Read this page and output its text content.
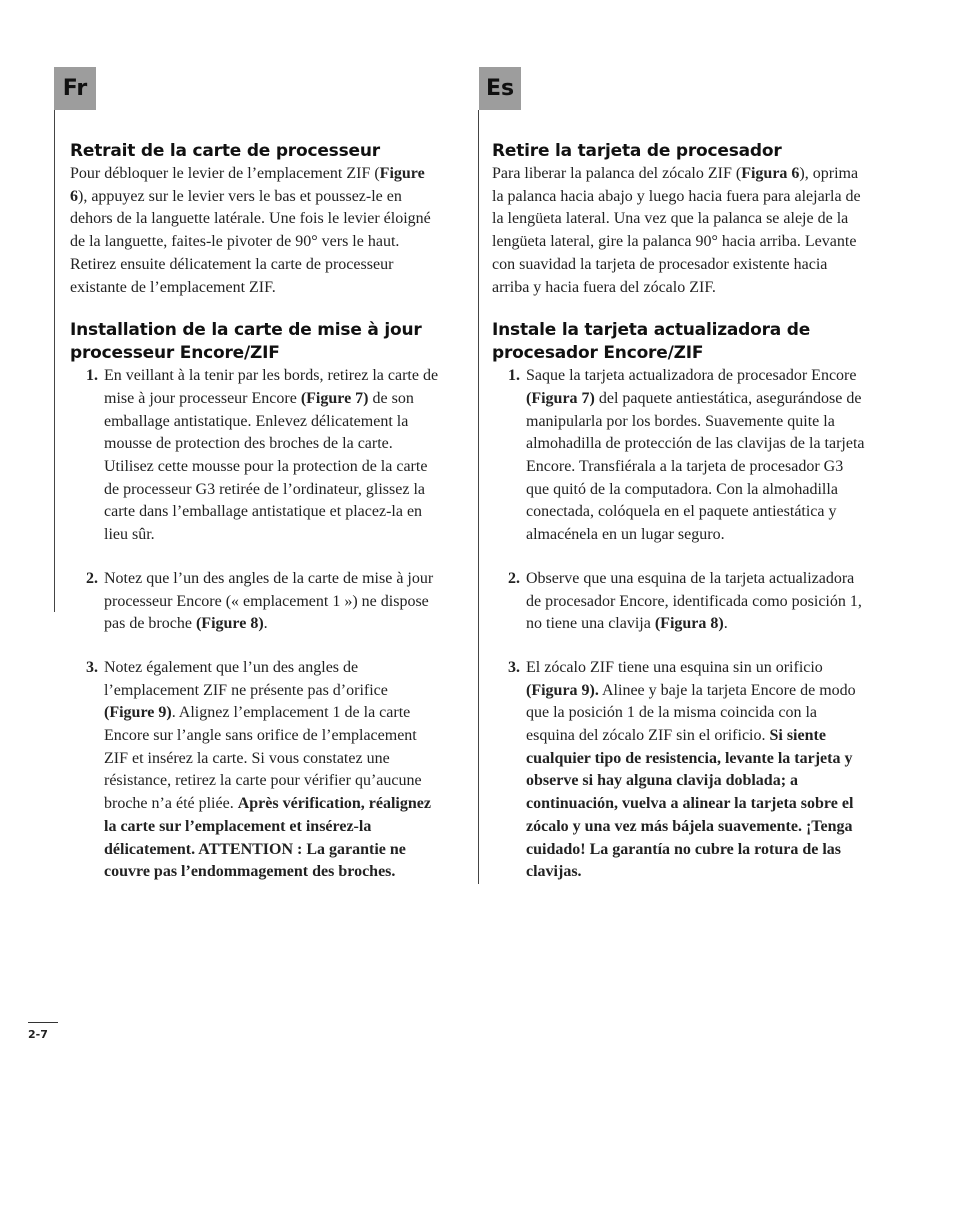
Fr	Es
Retrait de la carte de processeur

Pour débloquer le levier de l’emplacement ZIF (Figure 6), appuyez sur le levier vers le bas et poussez-le en dehors de la languette latérale. Une fois le levier éloigné de la languette, faites-le pivoter de 90° vers le haut. Retirez ensuite délicatement la carte de processeur existante de l’emplacement ZIF.

Installation de la carte de mise à jour processeur Encore/ZIF
1. En veillant à la tenir par les bords, retirez la carte de mise à jour processeur Encore (Figure 7) de son emballage antistatique. Enlevez délicatement la mousse de protection des broches de la carte. Utilisez cette mousse pour la protection de la carte de processeur G3 retirée de l’ordinateur, glissez la carte dans l’emballage antistatique et placez-la en lieu sûr.
2. Notez que l’un des angles de la carte de mise à jour processeur Encore (« emplacement 1 ») ne dispose pas de broche (Figure 8).
3. Notez également que l’un des angles de l’emplacement ZIF ne présente pas d’orifice (Figure 9). Alignez l’emplacement 1 de la carte Encore sur l’angle sans orifice de l’emplacement ZIF et insérez la carte. Si vous constatez une résistance, retirez la carte pour vérifier qu’aucune broche n’a été pliée. Après vérification, réalignez la carte sur l’emplacement et insérez-la délicatement. ATTENTION : La garantie ne couvre pas l’endommagement des broches.
Retire la tarjeta de procesador

Para liberar la palanca del zócalo ZIF (Figura 6), oprima la palanca hacia abajo y luego hacia fuera para alejarla de la lengüeta lateral. Una vez que la palanca se aleje de la lengüeta lateral, gire la palanca 90° hacia arriba. Levante con suavidad la tarjeta de procesador existente hacia arriba y hacia fuera del zócalo ZIF.

Instale la tarjeta actualizadora de procesador Encore/ZIF
1. Saque la tarjeta actualizadora de procesador Encore (Figura 7) del paquete antiestática, asegurándose de manipularla por los bordes. Suavemente quite la almohadilla de protección de las clavijas de la tarjeta Encore. Transfiérala a la tarjeta de procesador G3 que quitó de la computadora. Con la almohadilla conectada, colóquela en el paquete antiestática y almacénela en un lugar seguro.
2. Observe que una esquina de la tarjeta actualizadora de procesador Encore, identificada como posición 1, no tiene una clavija (Figura 8).
3. El zócalo ZIF tiene una esquina sin un orificio (Figura 9). Alinee y baje la tarjeta Encore de modo que la posición 1 de la misma coincida con la esquina del zócalo ZIF sin el orificio. Si siente cualquier tipo de resistencia, levante la tarjeta y observe si hay alguna clavija doblada; a continuación, vuelva a alinear la tarjeta sobre el zócalo y una vez más bájela suavemente. ¡Tenga cuidado! La garantía no cubre la rotura de las clavijas.
2-7
